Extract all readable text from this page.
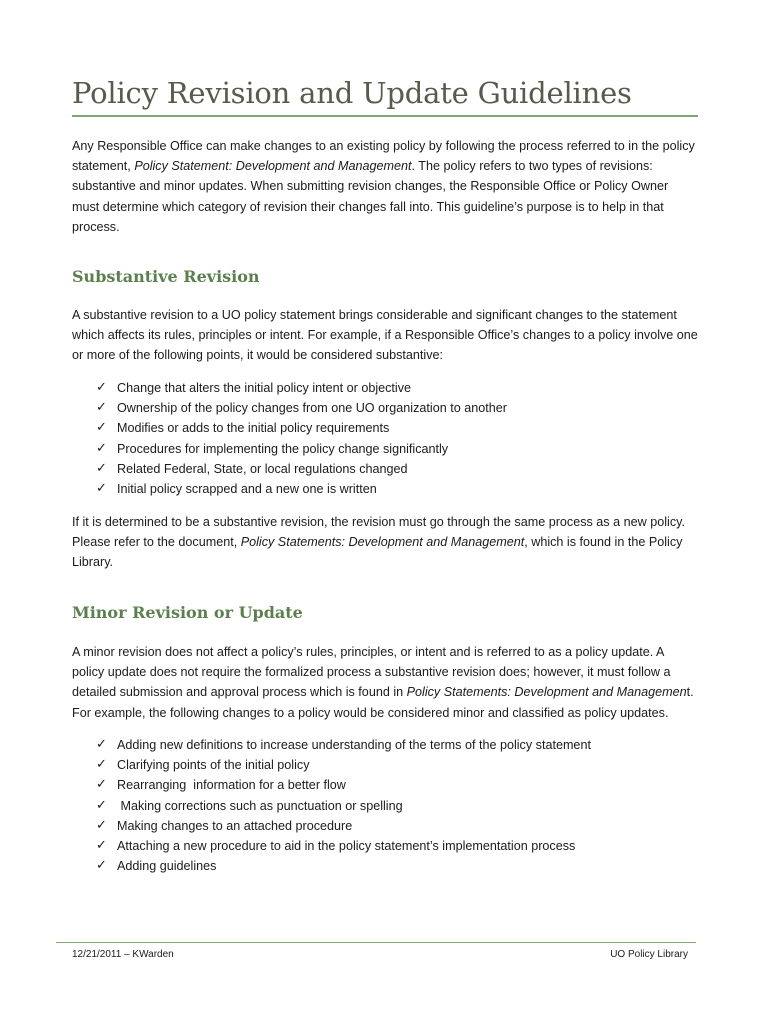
Policy Revision and Update Guidelines

Any Responsible Office can make changes to an existing policy by following the process referred to in the policy statement, Policy Statement: Development and Management. The policy refers to two types of revisions: substantive and minor updates. When submitting revision changes, the Responsible Office or Policy Owner must determine which category of revision their changes fall into. This guideline’s purpose is to help in that process.

Substantive Revision

A substantive revision to a UO policy statement brings considerable and significant changes to the statement which affects its rules, principles or intent. For example, if a Responsible Office’s changes to a policy involve one or more of the following points, it would be considered substantive:

✓ Change that alters the initial policy intent or objective
✓ Ownership of the policy changes from one UO organization to another
✓ Modifies or adds to the initial policy requirements
✓ Procedures for implementing the policy change significantly
✓ Related Federal, State, or local regulations changed
✓ Initial policy scrapped and a new one is written

If it is determined to be a substantive revision, the revision must go through the same process as a new policy. Please refer to the document, Policy Statements: Development and Management, which is found in the Policy Library.

Minor Revision or Update

A minor revision does not affect a policy’s rules, principles, or intent and is referred to as a policy update. A policy update does not require the formalized process a substantive revision does; however, it must follow a detailed submission and approval process which is found in Policy Statements: Development and Management. For example, the following changes to a policy would be considered minor and classified as policy updates.

✓ Adding new definitions to increase understanding of the terms of the policy statement
✓ Clarifying points of the initial policy
✓ Rearranging  information for a better flow
✓ Making corrections such as punctuation or spelling
✓ Making changes to an attached procedure
✓ Attaching a new procedure to aid in the policy statement’s implementation process
✓ Adding guidelines
12/21/2011 – KWarden	UO Policy Library
